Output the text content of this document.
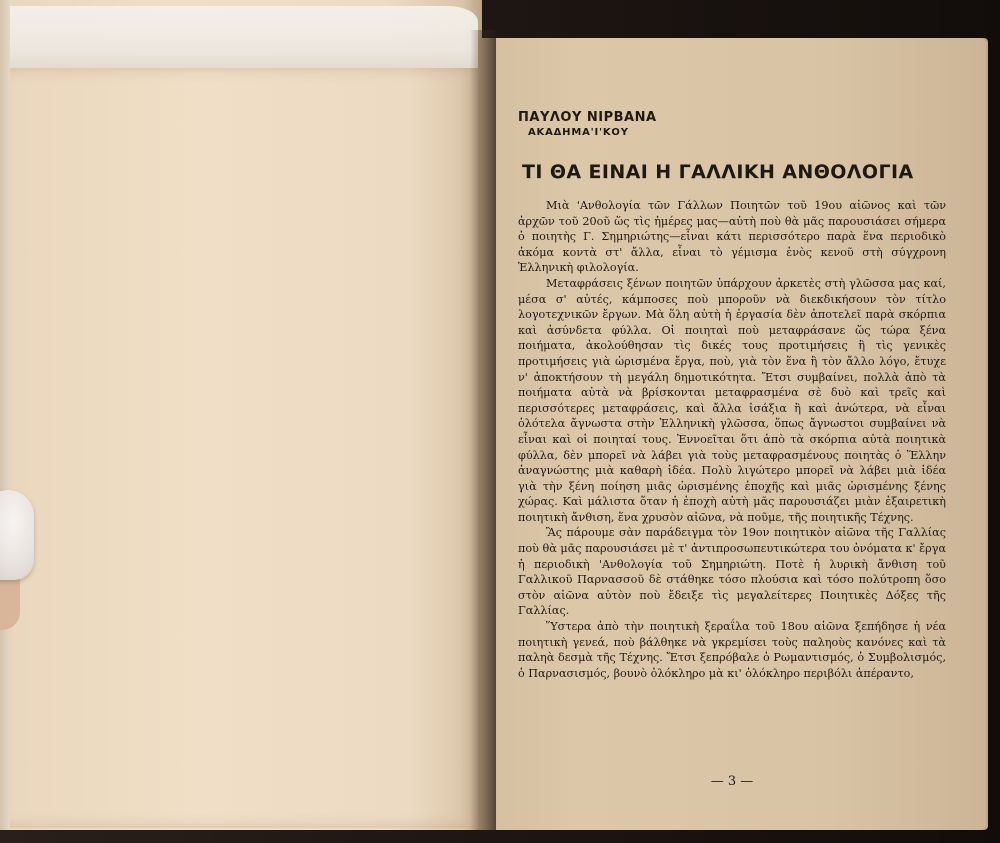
ΠΑΥΛΟΥ ΝΙΡΒΑΝΑ
ΑΚΑΔΗΜΑ'Ι'ΚΟΥ
ΤΙ ΘΑ ΕΙΝΑΙ Η ΓΑΛΛΙΚΗ ΑΝΘΟΛΟΓΙΑ

Μιὰ 'Ανθολογία τῶν Γάλλων Ποιητῶν τοῦ 19ου αἰῶνος καὶ τῶν ἀρχῶν τοῦ 20οῦ ὥς τὶς ἡμέρες μας—αὐτὴ ποὺ θὰ μᾶς παρουσιάσει σήμερα ὁ ποιητὴς Γ. Σημηριώτης—εἶναι κάτι περισσότερο παρὰ ἕνα περιοδικὸ ἀκόμα κοντὰ στ' ἄλλα, εἶναι τὸ γέμισμα ἑνὸς κενοῦ στὴ σύγχρονη Ἑλληνικὴ φιλολογία.

Μεταφράσεις ξένων ποιητῶν ὑπάρχουν ἀρκετὲς στὴ γλῶσσα μας καί, μέσα σ' αὐτές, κάμποσες ποὺ μποροῦν νὰ διεκδικήσουν τὸν τίτλο λογοτεχνικῶν ἔργων. Μὰ ὅλη αὐτὴ ἡ ἐργασία δὲν ἀποτελεῖ παρὰ σκόρπια καὶ ἀσύνδετα φύλλα. Οἱ ποιηταὶ ποὺ μεταφράσανε ὥς τώρα ξένα ποιήματα, ἀκολούθησαν τὶς δικές τους προτιμήσεις ἢ τὶς γενικὲς προτιμήσεις γιὰ ὡρισμένα ἔργα, ποὺ, γιὰ τὸν ἕνα ἢ τὸν ἄλλο λόγο, ἔτυχε ν' ἀποκτήσουν τὴ μεγάλη δημοτικότητα. Ἔτσι συμβαίνει, πολλὰ ἀπὸ τὰ ποιήματα αὐτὰ νὰ βρίσκονται μεταφρασμένα σὲ δυὸ καὶ τρεῖς καὶ περισσότερες μεταφράσεις, καὶ ἄλλα ἰσάξια ἢ καὶ ἀνώτερα, νὰ εἶναι ὁλότελα ἄγνωστα στὴν Ἑλληνικὴ γλῶσσα, ὅπως ἄγνωστοι συμβαίνει νὰ εἶναι καὶ οἱ ποιηταί τους. Ἐννοεῖται ὅτι ἀπὸ τὰ σκόρπια αὐτὰ ποιητικὰ φύλλα, δὲν μπορεῖ νὰ λάβει γιὰ τοὺς μεταφρασμένους ποιητὰς ὁ Ἕλλην ἀναγνώστης μιὰ καθαρὴ ἰδέα. Πολὺ λιγώτερο μπορεῖ νὰ λάβει μιὰ ἰδέα γιὰ τὴν ξένη ποίηση μιᾶς ὡρισμένης ἐποχῆς καὶ μιᾶς ὡρισμένης ξένης χώρας. Καὶ μάλιστα ὅταν ἡ ἐποχὴ αὐτὴ μᾶς παρουσιάζει μιὰν ἐξαιρετικὴ ποιητικὴ ἄνθιση, ἕνα χρυσὸν αἰῶνα, νὰ ποῦμε, τῆς ποιητικῆς Τέχνης.

Ἂς πάρουμε σὰν παράδειγμα τὸν 19ον ποιητικὸν αἰῶνα τῆς Γαλλίας ποὺ θὰ μᾶς παρουσιάσει μὲ τ' ἀντιπροσωπευτικώτερα του ὀνόματα κ' ἔργα ἡ περιοδικὴ 'Ανθολογία τοῦ Σημηριώτη. Ποτὲ ἡ λυρικὴ ἄνθιση τοῦ Γαλλικοῦ Παρνασσοῦ δὲ στάθηκε τόσο πλούσια καὶ τόσο πολύτροπη ὅσο στὸν αἰῶνα αὐτὸν ποὺ ἔδειξε τὶς μεγαλείτερες Ποιητικὲς Δόξες τῆς Γαλλίας.

Ὕστερα ἀπὸ τὴν ποιητικὴ ξεραΐλα τοῦ 18ου αἰῶνα ξεπήδησε ἡ νέα ποιητικὴ γενεά, ποὺ βάλθηκε νὰ γκρεμίσει τοὺς παληοὺς κανόνες καὶ τὰ παληὰ δεσμὰ τῆς Τέχνης. Ἔτσι ξεπρόβαλε ὁ Ρωμαντισμός, ὁ Συμβολισμός, ὁ Παρνασισμός, βουνὸ ὁλόκληρο μὰ κι' ὁλόκληρο περιβόλι ἀπέραντο,

— 3 —
